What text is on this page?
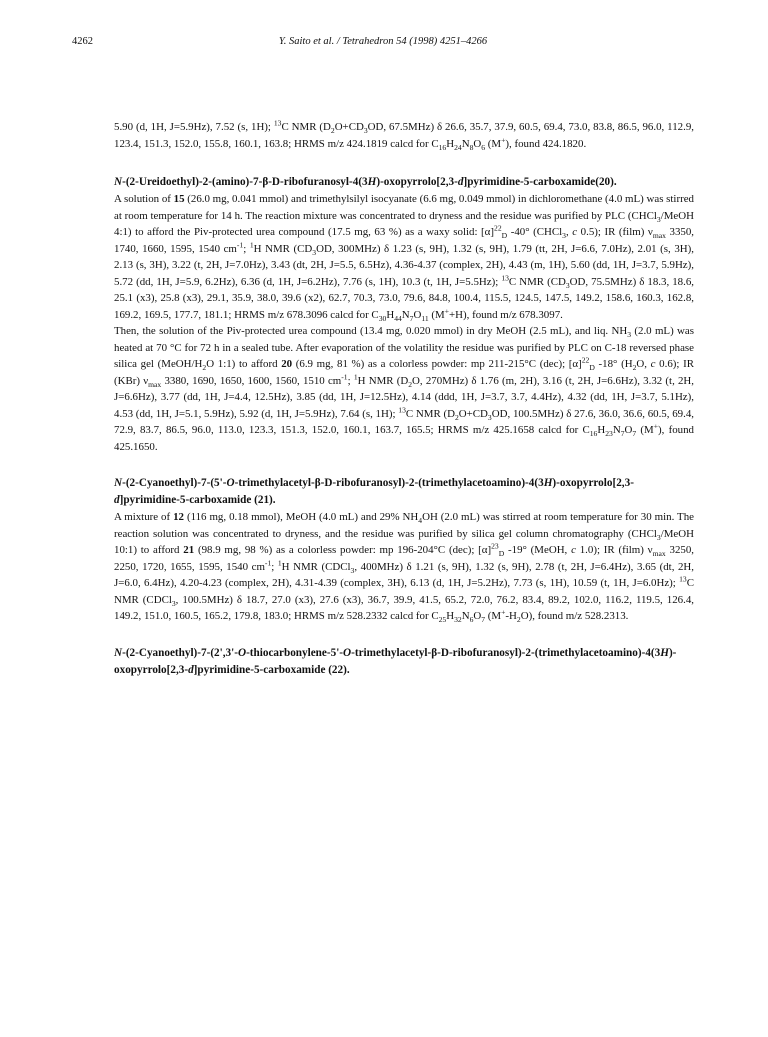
4262	Y. Saito et al. / Tetrahedron 54 (1998) 4251–4266

5.90 (d, 1H, J=5.9Hz), 7.52 (s, 1H); $^{13}$C NMR ($D_2O+CD_3OD$, 67.5MHz) δ 26.6, 35.7, 37.9, 60.5, 69.4, 73.0, 83.8, 86.5, 96.0, 112.9, 123.4, 151.3, 152.0, 155.8, 160.1, 163.8; HRMS m/z 424.1819 calcd for $C_{16}H_{24}N_8O_6$ (M+), found 424.1820.

N-(2-Ureidoethyl)-2-(amino)-7-β-D-ribofuranosyl-4(3H)-oxopyrrolo[2,3-d]pyrimidine-5-carboxamide(20).

A solution of 15 (26.0 mg, 0.041 mmol) and trimethylsilyl isocyanate (6.6 mg, 0.049 mmol) in dichloromethane (4.0 mL) was stirred at room temperature for 14 h. The reaction mixture was concentrated to dryness and the residue was purified by PLC (CHCl$_3$/MeOH 4:1) to afford the Piv-protected urea compound (17.5 mg, 63 %) as a waxy solid: $[\alpha]^{22}_D$ -40° (CHCl$_3$, c 0.5); IR (film) $\nu_{max}$ 3350, 1740, 1660, 1595, 1540 $cm^{-1}$; $^1$H NMR ($CD_3OD$, 300MHz) δ 1.23 (s, 9H), 1.32 (s, 9H), 1.79 (tt, 2H, J=6.6, 7.0Hz), 2.01 (s, 3H), 2.13 (s, 3H), 3.22 (t, 2H, J=7.0Hz), 3.43 (dt, 2H, J=5.5, 6.5Hz), 4.36-4.37 (complex, 2H), 4.43 (m, 1H), 5.60 (dd, 1H, J=3.7, 5.9Hz), 5.72 (dd, 1H, J=5.9, 6.2Hz), 6.36 (d, 1H, J=6.2Hz), 7.76 (s, 1H), 10.3 (t, 1H, J=5.5Hz); $^{13}$C NMR ($CD_3OD$, 75.5MHz) δ 18.3, 18.6, 25.1 (x3), 25.8 (x3), 29.1, 35.9, 38.0, 39.6 (x2), 62.7, 70.3, 73.0, 79.6, 84.8, 100.4, 115.5, 124.5, 147.5, 149.2, 158.6, 160.3, 162.8, 169.2, 169.5, 177.7, 181.1; HRMS m/z 678.3096 calcd for $C_{30}H_{44}N_7O_{11}$ (M++H), found m/z 678.3097.

Then, the solution of the Piv-protected urea compound (13.4 mg, 0.020 mmol) in dry MeOH (2.5 mL), and liq. $NH_3$ (2.0 mL) was heated at 70 °C for 72 h in a sealed tube. After evaporation of the volatility the residue was purified by PLC on C-18 reversed phase silica gel ($MeOH/H_2O$ 1:1) to afford 20 (6.9 mg, 81 %) as a colorless powder: mp 211-215°C (dec); $[\alpha]^{22}_D$ -18° ($H_2O$, c 0.6); IR (KBr) $\nu_{max}$ 3380, 1690, 1650, 1600, 1560, 1510 $cm^{-1}$; $^1$H NMR ($D_2O$, 270MHz) δ 1.76 (m, 2H), 3.16 (t, 2H, J=6.6Hz), 3.32 (t, 2H, J=6.6Hz), 3.77 (dd, 1H, J=4.4, 12.5Hz), 3.85 (dd, 1H, J=12.5Hz), 4.14 (ddd, 1H, J=3.7, 3.7, 4.4Hz), 4.32 (dd, 1H, J=3.7, 5.1Hz), 4.53 (dd, 1H, J=5.1, 5.9Hz), 5.92 (d, 1H, J=5.9Hz), 7.64 (s, 1H); $^{13}$C NMR ($D_2O+CD_3OD$, 100.5MHz) δ 27.6, 36.0, 36.6, 60.5, 69.4, 72.9, 83.7, 86.5, 96.0, 113.0, 123.3, 151.3, 152.0, 160.1, 163.7, 165.5; HRMS m/z 425.1658 calcd for $C_{16}H_{23}N_7O_7$ (M+), found 425.1650.

N-(2-Cyanoethyl)-7-(5'-O-trimethylacetyl-β-D-ribofuranosyl)-2-(trimethylacetoamino)-4(3H)-oxopyrrolo[2,3-d]pyrimidine-5-carboxamide (21).

A mixture of 12 (116 mg, 0.18 mmol), MeOH (4.0 mL) and 29% $NH_4OH$ (2.0 mL) was stirred at room temperature for 30 min. The reaction solution was concentrated to dryness, and the residue was purified by silica gel column chromatography (CHCl$_3$/MeOH 10:1) to afford 21 (98.9 mg, 98 %) as a colorless powder: mp 196-204°C (dec); $[\alpha]^{23}_D$ -19° (MeOH, c 1.0); IR (film) $\nu_{max}$ 3250, 2250, 1720, 1655, 1595, 1540 $cm^{-1}$; $^1$H NMR (CDCl$_3$, 400MHz) δ 1.21 (s, 9H), 1.32 (s, 9H), 2.78 (t, 2H, J=6.4Hz), 3.65 (dt, 2H, J=6.0, 6.4Hz), 4.20-4.23 (complex, 2H), 4.31-4.39 (complex, 3H), 6.13 (d, 1H, J=5.2Hz), 7.73 (s, 1H), 10.59 (t, 1H, J=6.0Hz); $^{13}$C NMR (CDCl$_3$, 100.5MHz) δ 18.7, 27.0 (x3), 27.6 (x3), 36.7, 39.9, 41.5, 65.2, 72.0, 76.2, 83.4, 89.2, 102.0, 116.2, 119.5, 126.4, 149.2, 151.0, 160.5, 165.2, 179.8, 183.0; HRMS m/z 528.2332 calcd for $C_{25}H_{32}N_6O_7$ $(M^+-H_2O)$, found m/z 528.2313.

N-(2-Cyanoethyl)-7-(2',3'-O-thiocarbonylene-5'-O-trimethylacetyl-β-D-ribofuranosyl)-2-(trimethylacetoamino)-4(3H)-oxopyrrolo[2,3-d]pyrimidine-5-carboxamide (22).
